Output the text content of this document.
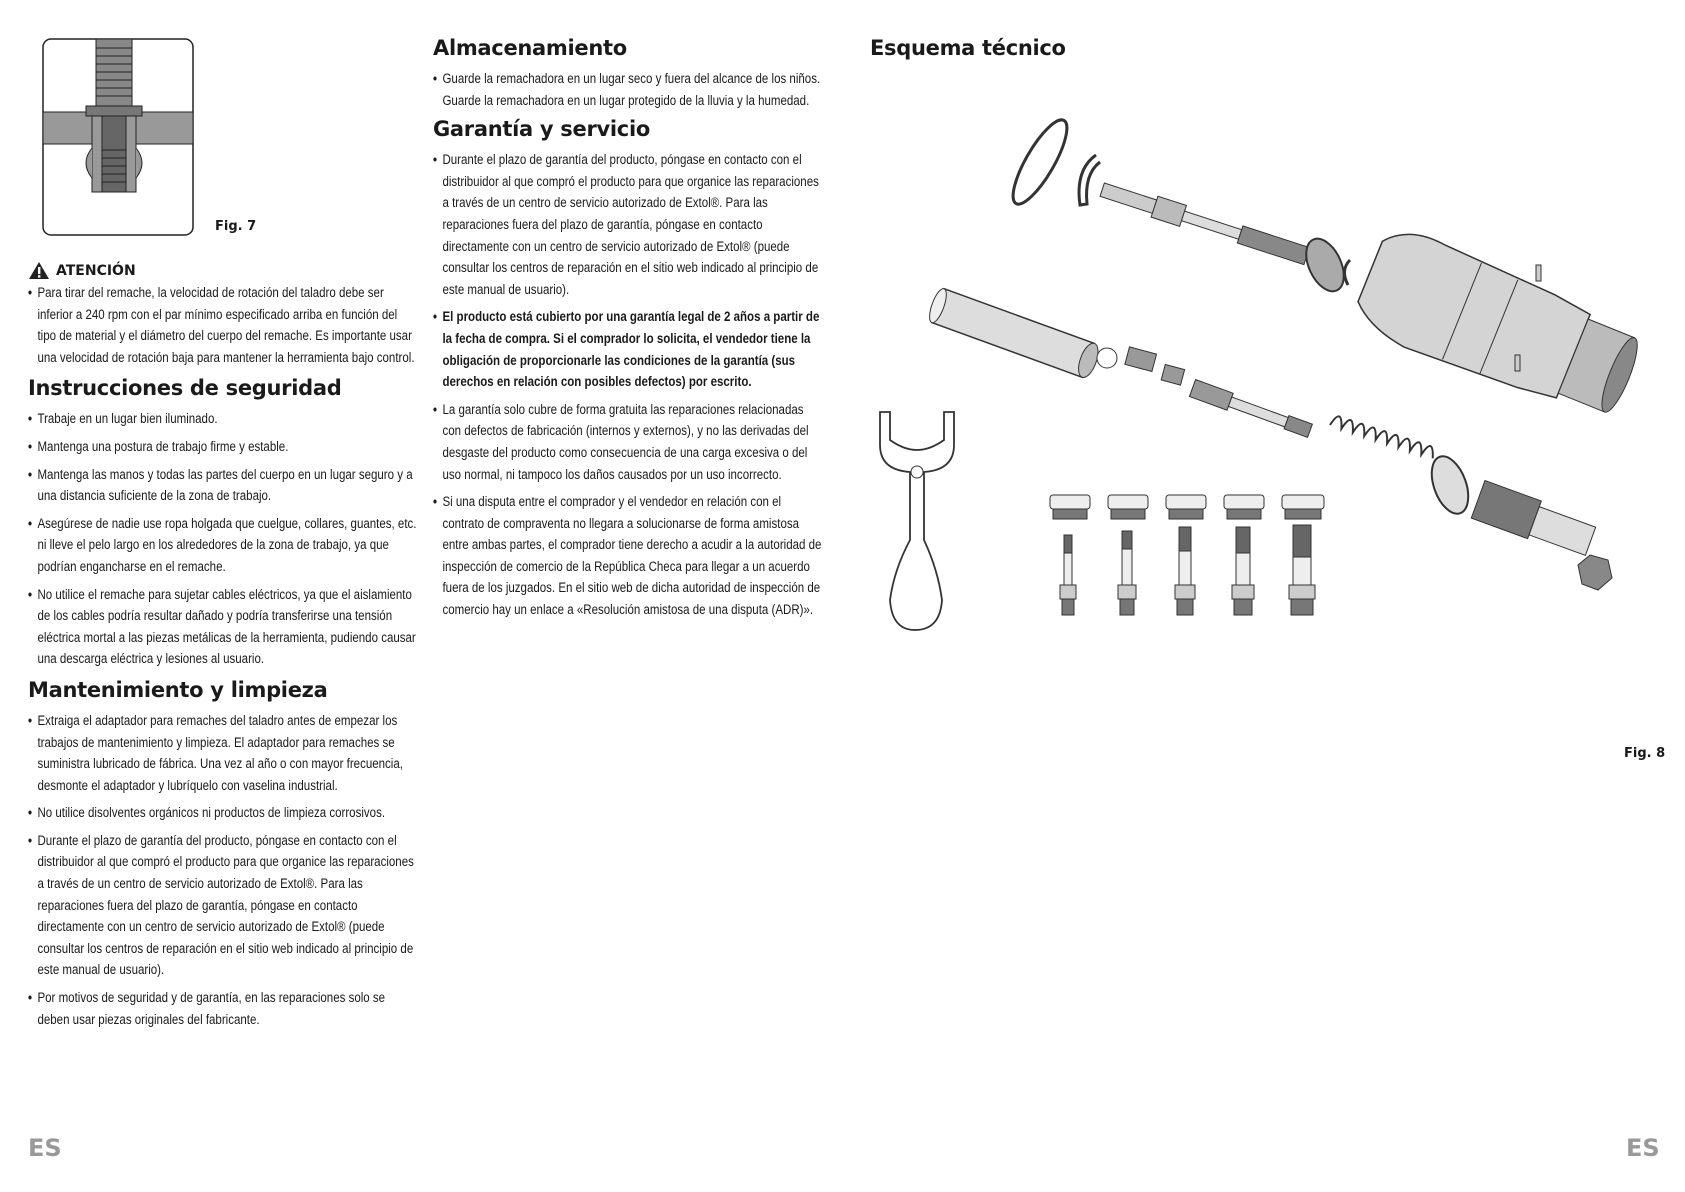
Fig. 7
ATENCIÓN
• Para tirar del remache, la velocidad de rotación del taladro debe ser inferior a 240 rpm con el par mínimo especificado arriba en función del tipo de material y el diámetro del cuerpo del remache. Es importante usar una velocidad de rotación baja para mantener la herramienta bajo control.
Instrucciones de seguridad
• Trabaje en un lugar bien iluminado.
• Mantenga una postura de trabajo firme y estable.
• Mantenga las manos y todas las partes del cuerpo en un lugar seguro y a una distancia suficiente de la zona de trabajo.
• Asegúrese de nadie use ropa holgada que cuelgue, collares, guantes, etc. ni lleve el pelo largo en los alrededores de la zona de trabajo, ya que podrían engancharse en el remache.
• No utilice el remache para sujetar cables eléctricos, ya que el aislamiento de los cables podría resultar dañado y podría transferirse una tensión eléctrica mortal a las piezas metálicas de la herramienta, pudiendo causar una descarga eléctrica y lesiones al usuario.
Mantenimiento y limpieza
• Extraiga el adaptador para remaches del taladro antes de empezar los trabajos de mantenimiento y limpieza. El adaptador para remaches se suministra lubricado de fábrica. Una vez al año o con mayor frecuencia, desmonte el adaptador y lubríquelo con vaselina industrial.
• No utilice disolventes orgánicos ni productos de limpieza corrosivos.
• Durante el plazo de garantía del producto, póngase en contacto con el distribuidor al que compró el producto para que organice las reparaciones a través de un centro de servicio autorizado de Extol®. Para las reparaciones fuera del plazo de garantía, póngase en contacto directamente con un centro de servicio autorizado de Extol® (puede consultar los centros de reparación en el sitio web indicado al principio de este manual de usuario).
• Por motivos de seguridad y de garantía, en las reparaciones solo se deben usar piezas originales del fabricante.
Almacenamiento
• Guarde la remachadora en un lugar seco y fuera del alcance de los niños. Guarde la remachadora en un lugar protegido de la lluvia y la humedad.
Garantía y servicio
• Durante el plazo de garantía del producto, póngase en contacto con el distribuidor al que compró el producto para que organice las reparaciones a través de un centro de servicio autorizado de Extol®. Para las reparaciones fuera del plazo de garantía, póngase en contacto directamente con un centro de servicio autorizado de Extol® (puede consultar los centros de reparación en el sitio web indicado al principio de este manual de usuario).
• El producto está cubierto por una garantía legal de 2 años a partir de la fecha de compra. Si el comprador lo solicita, el vendedor tiene la obligación de proporcionarle las condiciones de la garantía (sus derechos en relación con posibles defectos) por escrito.
• La garantía solo cubre de forma gratuita las reparaciones relacionadas con defectos de fabricación (internos y externos), y no las derivadas del desgaste del producto como consecuencia de una carga excesiva o del uso normal, ni tampoco los daños causados por un uso incorrecto.
• Si una disputa entre el comprador y el vendedor en relación con el contrato de compraventa no llegara a solucionarse de forma amistosa entre ambas partes, el comprador tiene derecho a acudir a la autoridad de inspección de comercio de la República Checa para llegar a un acuerdo fuera de los juzgados. En el sitio web de dicha autoridad de inspección de comercio hay un enlace a «Resolución amistosa de una disputa (ADR)».
Esquema técnico
Fig. 8
ES	ES
